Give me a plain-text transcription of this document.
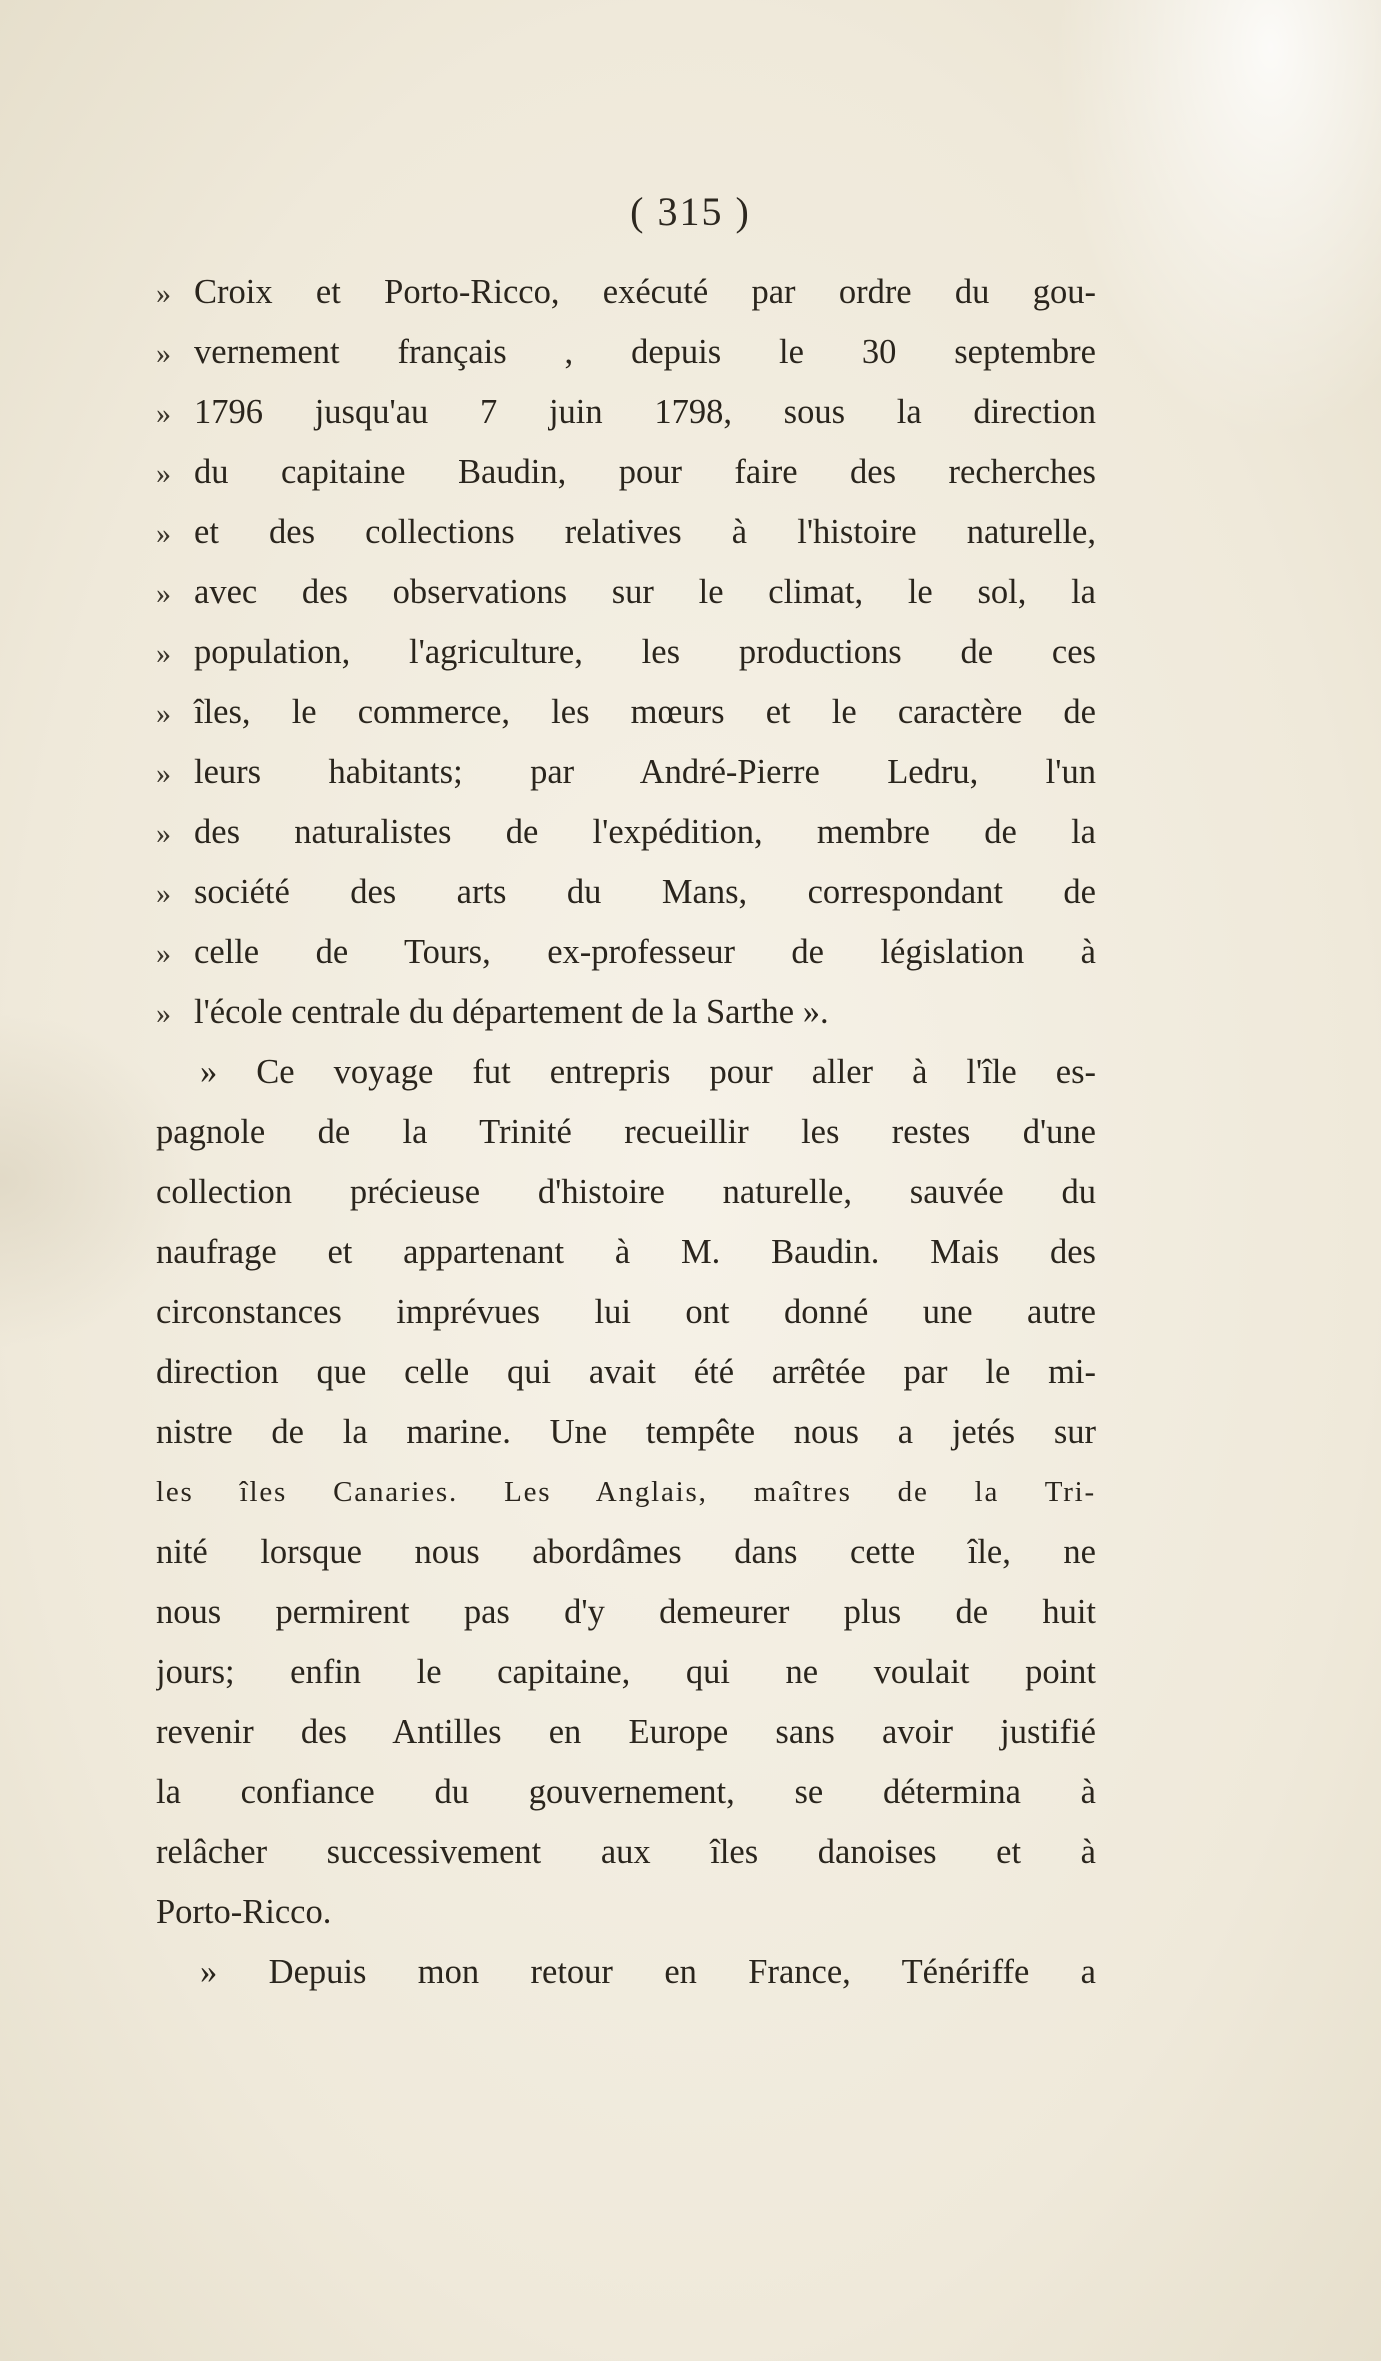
( 315 )
» Croix et Porto-Ricco, exécuté par ordre du gou-
» vernement français , depuis le 30 septembre
» 1796 jusqu'au 7 juin 1798, sous la direction
» du capitaine Baudin, pour faire des recherches
» et des collections relatives à l'histoire naturelle,
» avec des observations sur le climat, le sol, la
» population, l'agriculture, les productions de ces
» îles, le commerce, les mœurs et le caractère de
» leurs habitants; par André-Pierre Ledru, l'un
» des naturalistes de l'expédition, membre de la
» société des arts du Mans, correspondant de
» celle de Tours, ex-professeur de législation à
» l'école centrale du département de la Sarthe ».
» Ce voyage fut entrepris pour aller à l'île es-
pagnole de la Trinité recueillir les restes d'une
collection précieuse d'histoire naturelle, sauvée du
naufrage et appartenant à M. Baudin. Mais des
circonstances imprévues lui ont donné une autre
direction que celle qui avait été arrêtée par le mi-
nistre de la marine. Une tempête nous a jetés sur
les îles Canaries. Les Anglais, maîtres de la Tri-
nité lorsque nous abordâmes dans cette île, ne
nous permirent pas d'y demeurer plus de huit
jours; enfin le capitaine, qui ne voulait point
revenir des Antilles en Europe sans avoir justifié
la confiance du gouvernement, se détermina à
relâcher successivement aux îles danoises et à
Porto-Ricco.
» Depuis mon retour en France, Ténériffe a
